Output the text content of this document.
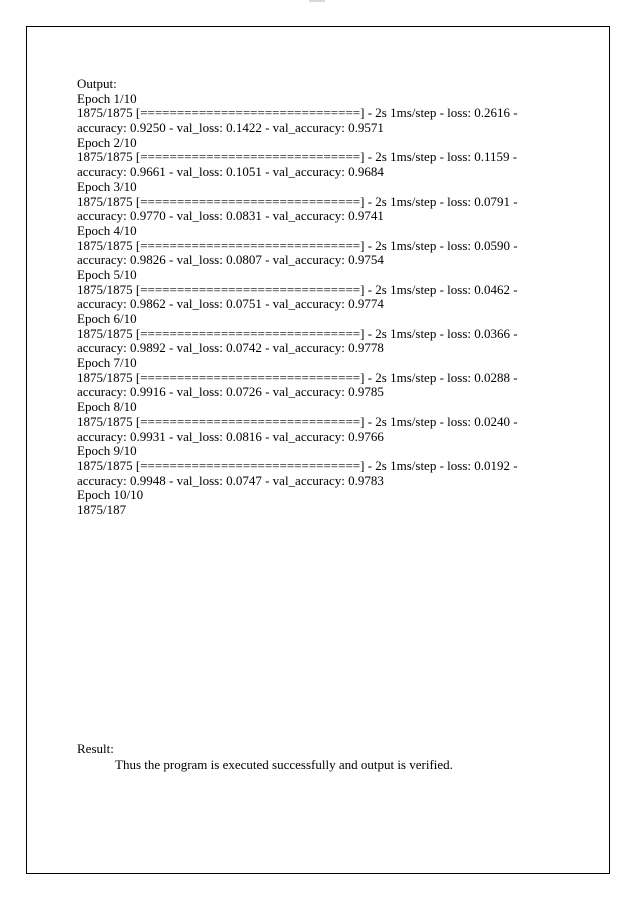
Output:
Epoch 1/10
1875/1875 [==============================] - 2s 1ms/step - loss: 0.2616 -
accuracy: 0.9250 - val_loss: 0.1422 - val_accuracy: 0.9571
Epoch 2/10
1875/1875 [==============================] - 2s 1ms/step - loss: 0.1159 -
accuracy: 0.9661 - val_loss: 0.1051 - val_accuracy: 0.9684
Epoch 3/10
1875/1875 [==============================] - 2s 1ms/step - loss: 0.0791 -
accuracy: 0.9770 - val_loss: 0.0831 - val_accuracy: 0.9741
Epoch 4/10
1875/1875 [==============================] - 2s 1ms/step - loss: 0.0590 -
accuracy: 0.9826 - val_loss: 0.0807 - val_accuracy: 0.9754
Epoch 5/10
1875/1875 [==============================] - 2s 1ms/step - loss: 0.0462 -
accuracy: 0.9862 - val_loss: 0.0751 - val_accuracy: 0.9774
Epoch 6/10
1875/1875 [==============================] - 2s 1ms/step - loss: 0.0366 -
accuracy: 0.9892 - val_loss: 0.0742 - val_accuracy: 0.9778
Epoch 7/10
1875/1875 [==============================] - 2s 1ms/step - loss: 0.0288 -
accuracy: 0.9916 - val_loss: 0.0726 - val_accuracy: 0.9785
Epoch 8/10
1875/1875 [==============================] - 2s 1ms/step - loss: 0.0240 -
accuracy: 0.9931 - val_loss: 0.0816 - val_accuracy: 0.9766
Epoch 9/10
1875/1875 [==============================] - 2s 1ms/step - loss: 0.0192 -
accuracy: 0.9948 - val_loss: 0.0747 - val_accuracy: 0.9783
Epoch 10/10
1875/187
Result:
Thus the program is executed successfully and output is verified.
